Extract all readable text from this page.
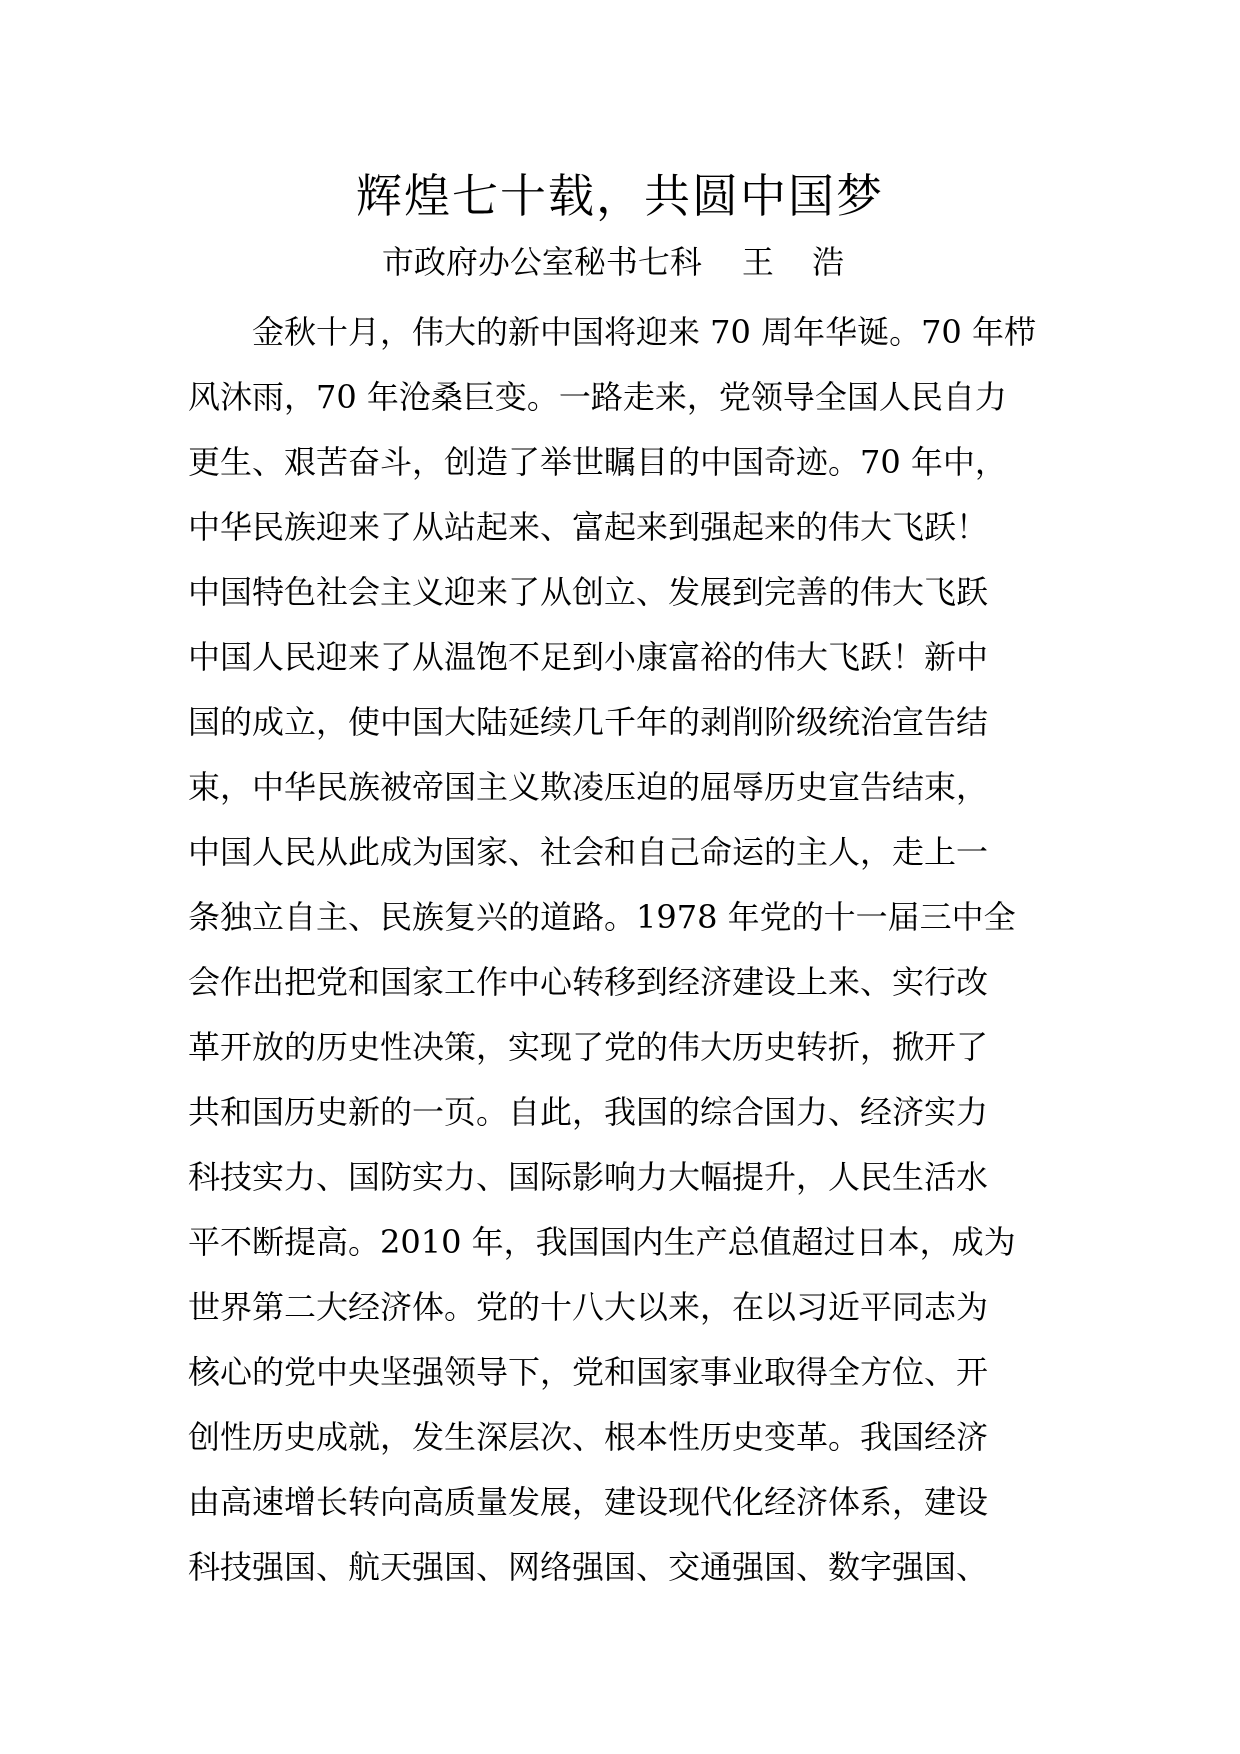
辉煌七十载，共圆中国梦
市政府办公室秘书七科 王 浩
　　金秋十月，伟大的新中国将迎来 70 周年华诞。70 年栉
风沐雨，70 年沧桑巨变。一路走来，党领导全国人民自力
更生、艰苦奋斗，创造了举世瞩目的中国奇迹。70 年中，
中华民族迎来了从站起来、富起来到强起来的伟大飞跃！
中国特色社会主义迎来了从创立、发展到完善的伟大飞跃
中国人民迎来了从温饱不足到小康富裕的伟大飞跃！新中
国的成立，使中国大陆延续几千年的剥削阶级统治宣告结
束，中华民族被帝国主义欺凌压迫的屈辱历史宣告结束，
中国人民从此成为国家、社会和自己命运的主人，走上一
条独立自主、民族复兴的道路。1978 年党的十一届三中全
会作出把党和国家工作中心转移到经济建设上来、实行改
革开放的历史性决策，实现了党的伟大历史转折，掀开了
共和国历史新的一页。自此，我国的综合国力、经济实力
科技实力、国防实力、国际影响力大幅提升，人民生活水
平不断提高。2010 年，我国国内生产总值超过日本，成为
世界第二大经济体。党的十八大以来，在以习近平同志为
核心的党中央坚强领导下，党和国家事业取得全方位、开
创性历史成就，发生深层次、根本性历史变革。我国经济
由高速增长转向高质量发展，建设现代化经济体系，建设
科技强国、航天强国、网络强国、交通强国、数字强国、
